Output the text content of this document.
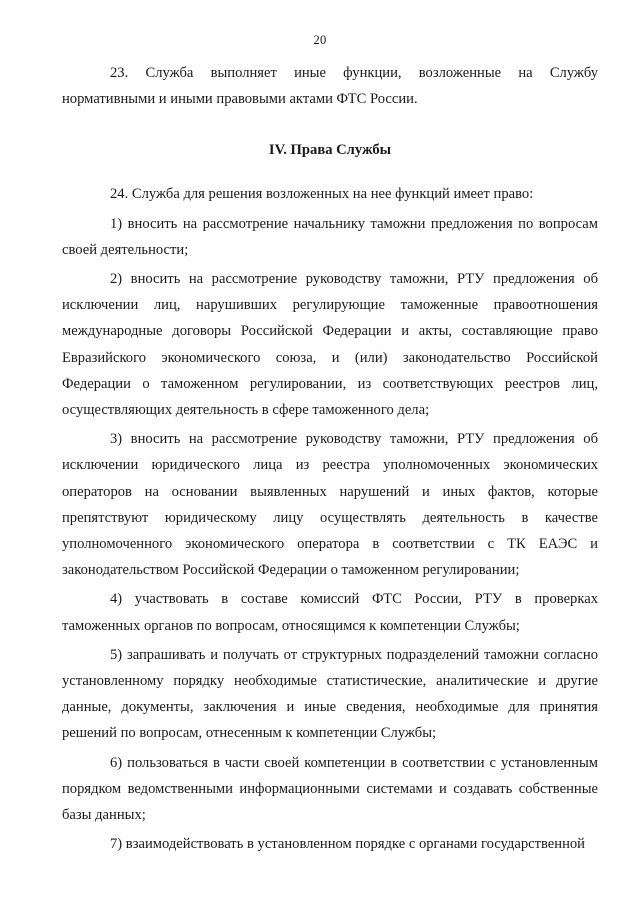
20

23. Служба выполняет иные функции, возложенные на Службу нормативными и иными правовыми актами ФТС России.

IV. Права Службы

24. Служба для решения возложенных на нее функций имеет право:

1) вносить на рассмотрение начальнику таможни предложения по вопросам своей деятельности;

2) вносить на рассмотрение руководству таможни, РТУ предложения об исключении лиц, нарушивших регулирующие таможенные правоотношения международные договоры Российской Федерации и акты, составляющие право Евразийского экономического союза, и (или) законодательство Российской Федерации о таможенном регулировании, из соответствующих реестров лиц, осуществляющих деятельность в сфере таможенного дела;

3) вносить на рассмотрение руководству таможни, РТУ предложения об исключении юридического лица из реестра уполномоченных экономических операторов на основании выявленных нарушений и иных фактов, которые препятствуют юридическому лицу осуществлять деятельность в качестве уполномоченного экономического оператора в соответствии с ТК ЕАЭС и законодательством Российской Федерации о таможенном регулировании;

4) участвовать в составе комиссий ФТС России, РТУ в проверках таможенных органов по вопросам, относящимся к компетенции Службы;

5) запрашивать и получать от структурных подразделений таможни согласно установленному порядку необходимые статистические, аналитические и другие данные, документы, заключения и иные сведения, необходимые для принятия решений по вопросам, отнесенным к компетенции Службы;

6) пользоваться в части своей компетенции в соответствии с установленным порядком ведомственными информационными системами и создавать собственные базы данных;

7) взаимодействовать в установленном порядке с органами государственной
